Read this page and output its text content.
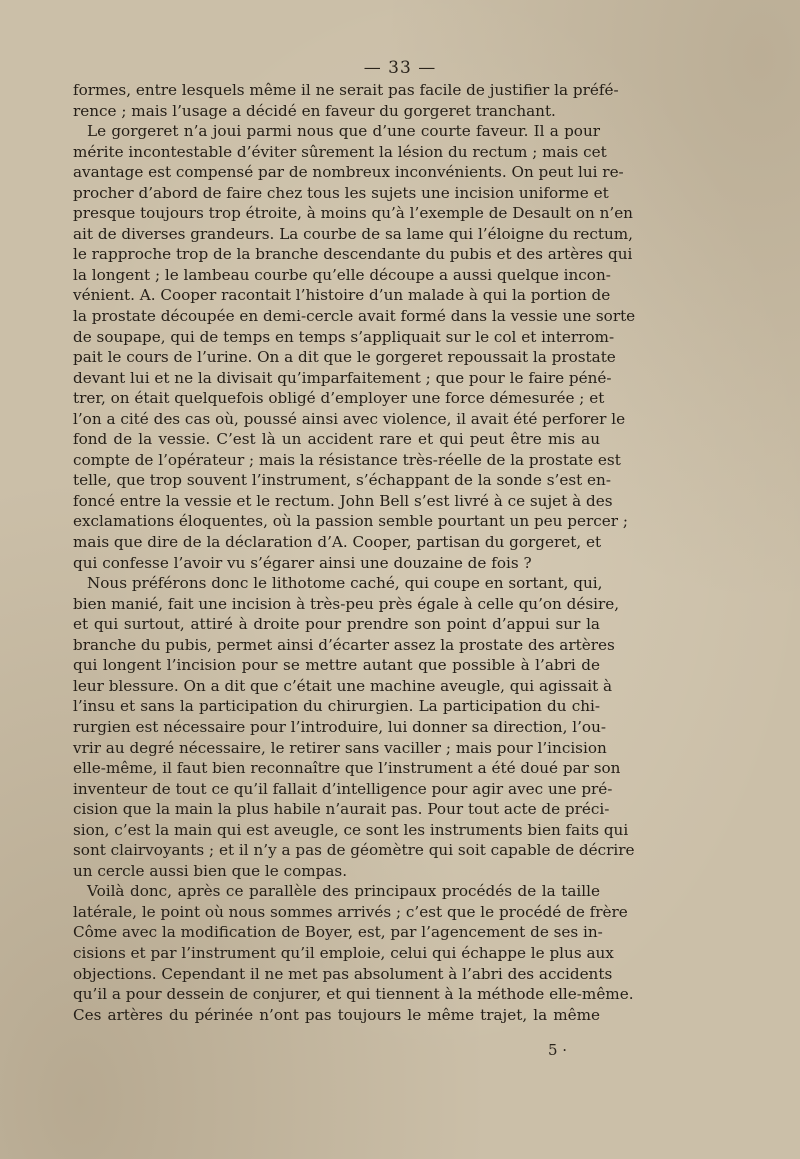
— 33 —
formes, entre lesquels même il ne serait pas facile de justifier la préfé-
rence ; mais l’usage a décidé en faveur du gorgeret tranchant.
Le gorgeret n’a joui parmi nous que d’une courte faveur. Il a pour
mérite incontestable d’éviter sûrement la lésion du rectum ; mais cet
avantage est compensé par de nombreux inconvénients. On peut lui re-
procher d’abord de faire chez tous les sujets une incision uniforme et
presque toujours trop étroite, à moins qu’à l’exemple de Desault on n’en
ait de diverses grandeurs. La courbe de sa lame qui l’éloigne du rectum,
le rapproche trop de la branche descendante du pubis et des artères qui
la longent ; le lambeau courbe qu’elle découpe a aussi quelque incon-
vénient. A. Cooper racontait l’histoire d’un malade à qui la portion de
la prostate découpée en demi-cercle avait formé dans la vessie une sorte
de soupape, qui de temps en temps s’appliquait sur le col et interrom-
pait le cours de l’urine. On a dit que le gorgeret repoussait la prostate
devant lui et ne la divisait qu’imparfaitement ; que pour le faire péné-
trer, on était quelquefois obligé d’employer une force démesurée ; et
l’on a cité des cas où, poussé ainsi avec violence, il avait été perforer le
fond de la vessie. C’est là un accident rare et qui peut être mis au
compte de l’opérateur ; mais la résistance très-réelle de la prostate est
telle, que trop souvent l’instrument, s’échappant de la sonde s’est en-
foncé entre la vessie et le rectum. John Bell s’est livré à ce sujet à des
exclamations éloquentes, où la passion semble pourtant un peu percer ;
mais que dire de la déclaration d’A. Cooper, partisan du gorgeret, et
qui confesse l’avoir vu s’égarer ainsi une douzaine de fois ?
Nous préférons donc le lithotome caché, qui coupe en sortant, qui,
bien manié, fait une incision à très-peu près égale à celle qu’on désire,
et qui surtout, attiré à droite pour prendre son point d’appui sur la
branche du pubis, permet ainsi d’écarter assez la prostate des artères
qui longent l’incision pour se mettre autant que possible à l’abri de
leur blessure. On a dit que c’était une machine aveugle, qui agissait à
l’insu et sans la participation du chirurgien. La participation du chi-
rurgien est nécessaire pour l’introduire, lui donner sa direction, l’ou-
vrir au degré nécessaire, le retirer sans vaciller ; mais pour l’incision
elle-même, il faut bien reconnaître que l’instrument a été doué par son
inventeur de tout ce qu’il fallait d’intelligence pour agir avec une pré-
cision que la main la plus habile n’aurait pas. Pour tout acte de préci-
sion, c’est la main qui est aveugle, ce sont les instruments bien faits qui
sont clairvoyants ; et il n’y a pas de géomètre qui soit capable de décrire
un cercle aussi bien que le compas.
Voilà donc, après ce parallèle des principaux procédés de la taille
latérale, le point où nous sommes arrivés ; c’est que le procédé de frère
Côme avec la modification de Boyer, est, par l’agencement de ses in-
cisions et par l’instrument qu’il emploie, celui qui échappe le plus aux
objections. Cependant il ne met pas absolument à l’abri des accidents
qu’il a pour dessein de conjurer, et qui tiennent à la méthode elle-même.
Ces artères du périnée n’ont pas toujours le même trajet, la même
5 ·
